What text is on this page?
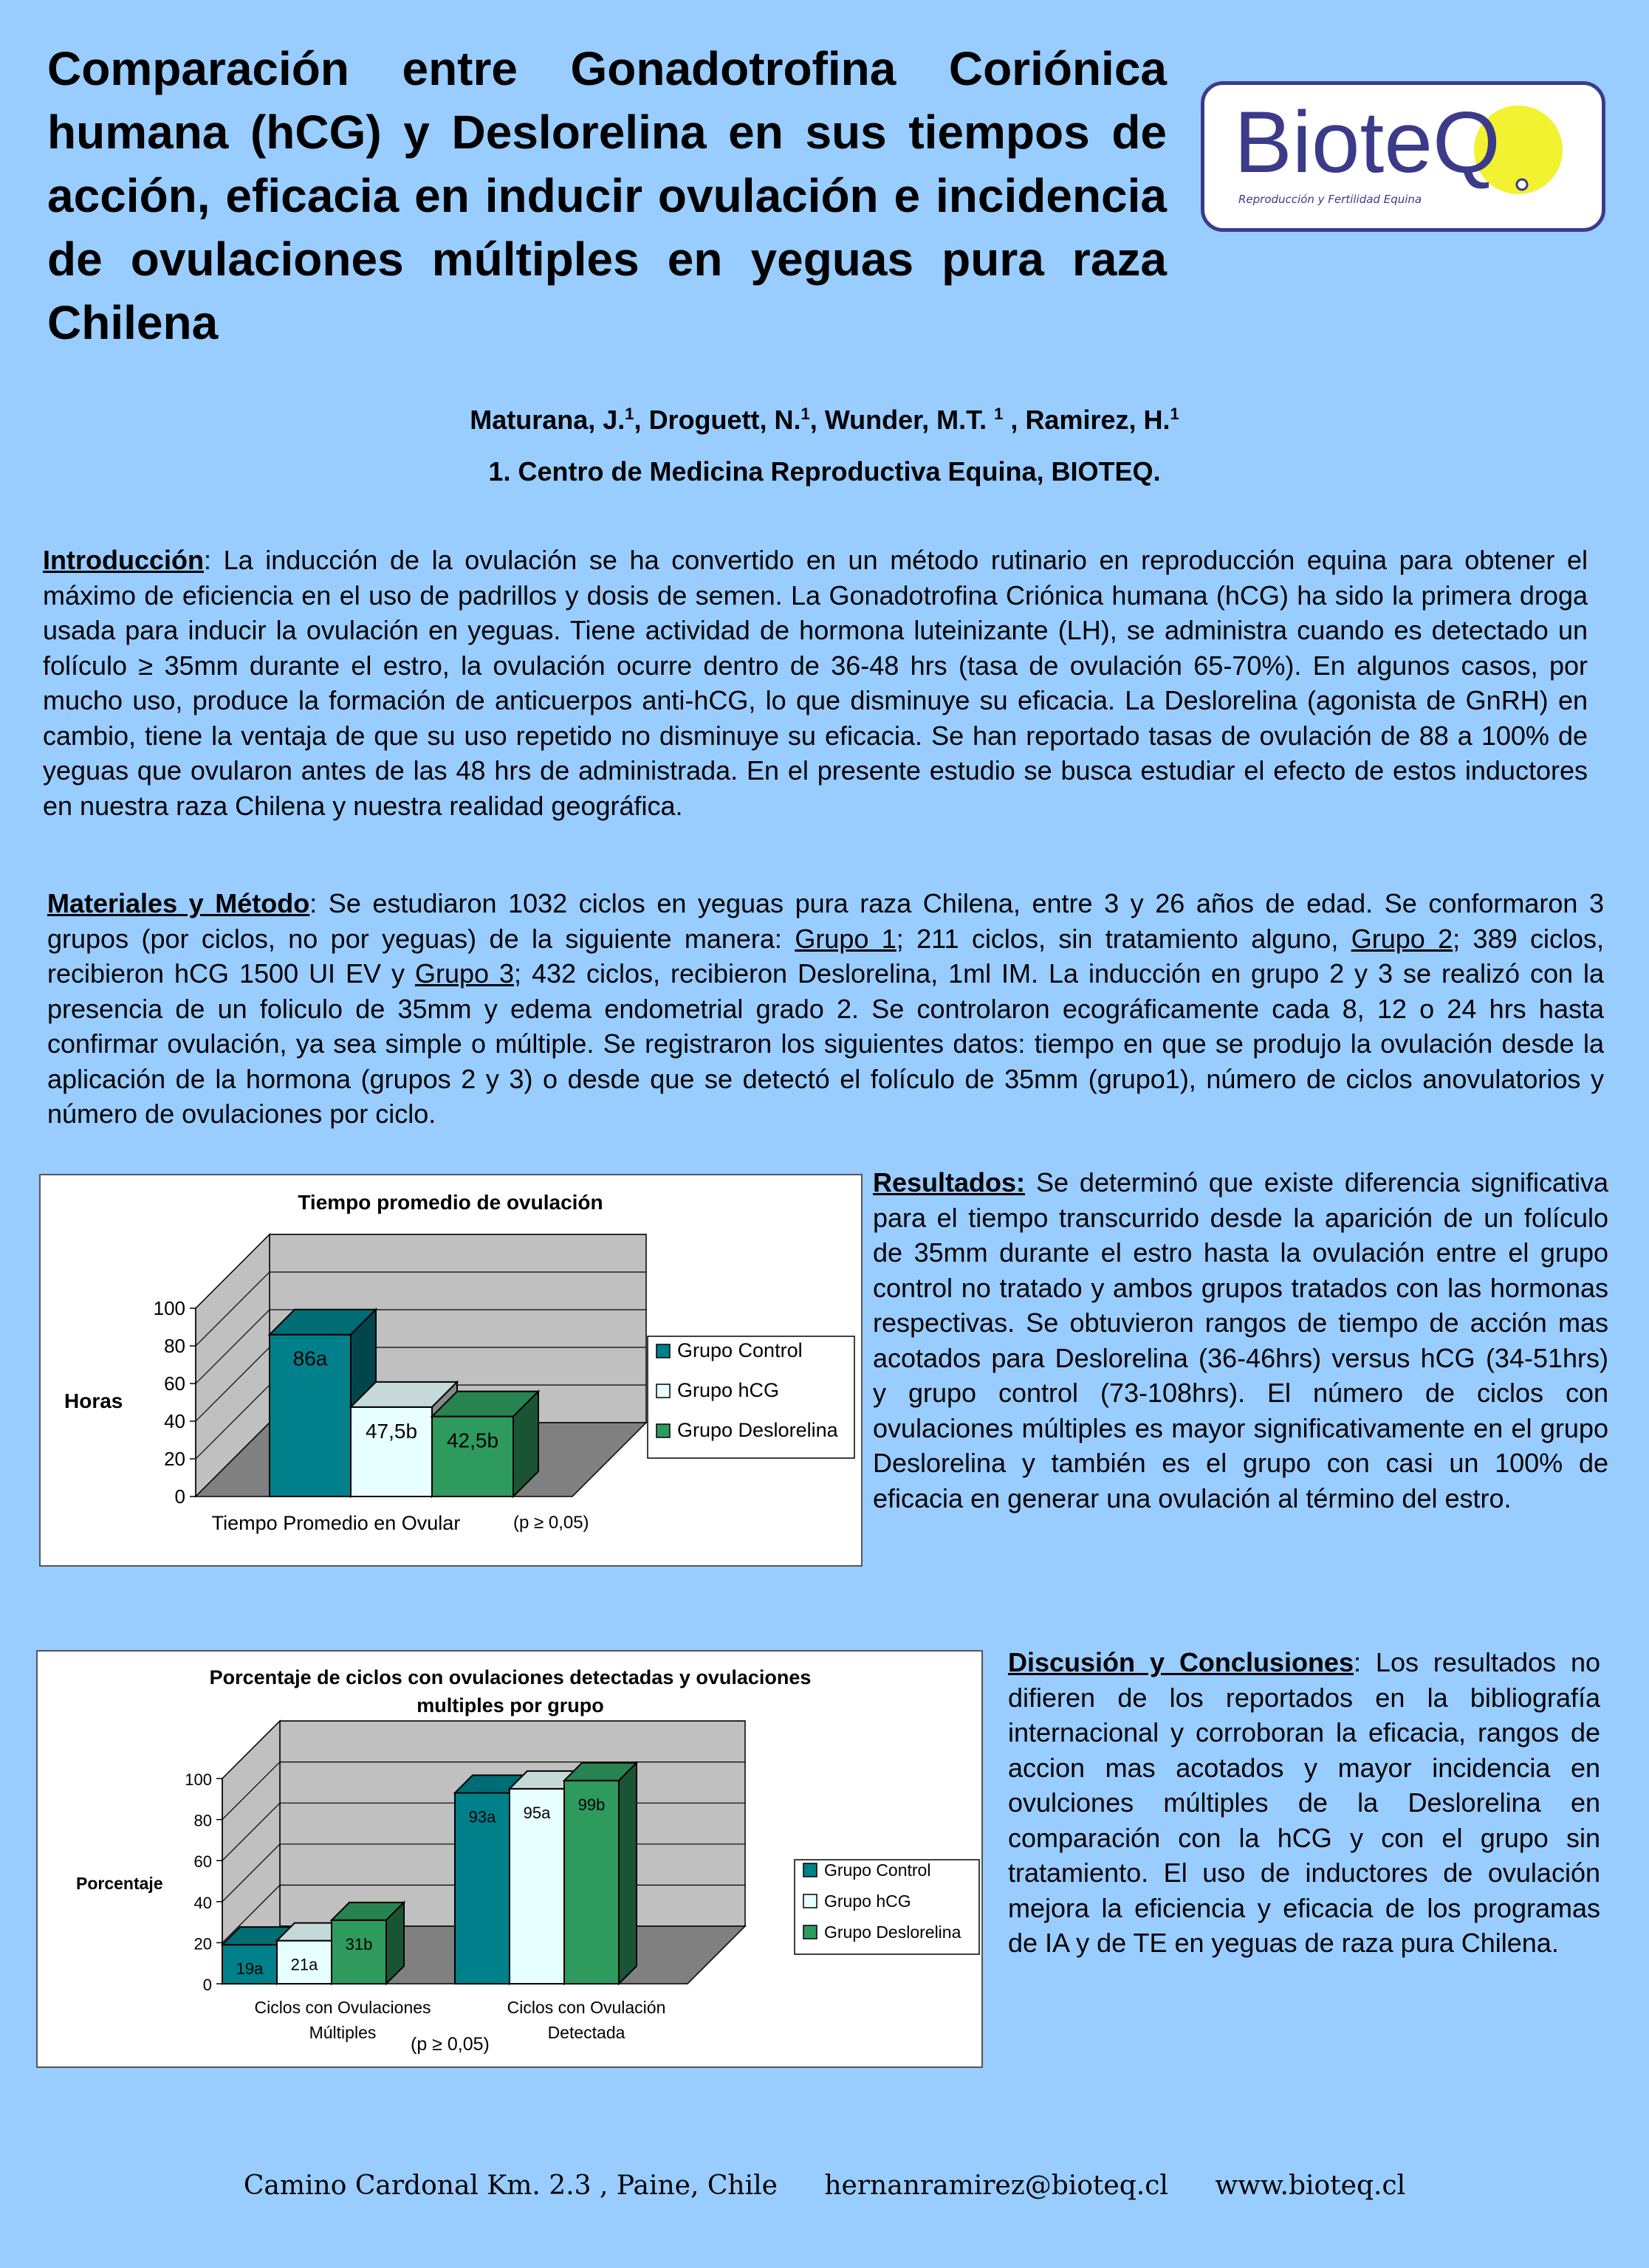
Comparación entre Gonadotrofina Coriónica humana (hCG) y Deslorelina en sus tiempos de acción, eficacia en inducir ovulación e incidencia de ovulaciones múltiples en yeguas pura raza Chilena
BioteQ
Reproducción y Fertilidad Equina
Maturana, J.$^1$, Droguett, N.$^1$, Wunder, M.T. $^1$ , Ramirez, H.$^1$
1. Centro de Medicina Reproductiva Equina, BIOTEQ.

Introducción: La inducción de la ovulación se ha convertido en un método rutinario en reproducción equina para obtener el máximo de eficiencia en el uso de padrillos y dosis de semen. La Gonadotrofina Criónica humana (hCG) ha sido la primera droga usada para inducir la ovulación en yeguas. Tiene actividad de hormona luteinizante (LH), se administra cuando es detectado un folículo ≥ 35mm durante el estro, la ovulación ocurre dentro de 36-48 hrs (tasa de ovulación 65-70%). En algunos casos, por mucho uso, produce la formación de anticuerpos anti-hCG, lo que disminuye su eficacia. La Deslorelina (agonista de GnRH) en cambio, tiene la ventaja de que su uso repetido no disminuye su eficacia. Se han reportado tasas de ovulación de 88 a 100% de yeguas que ovularon antes de las 48 hrs de administrada. En el presente estudio se busca estudiar el efecto de estos inductores en nuestra raza Chilena y nuestra realidad geográfica.

Materiales y Método: Se estudiaron 1032 ciclos en yeguas pura raza Chilena, entre 3 y 26 años de edad. Se conformaron 3 grupos (por ciclos, no por yeguas) de la siguiente manera: Grupo 1; 211 ciclos, sin tratamiento alguno, Grupo 2; 389 ciclos, recibieron hCG 1500 UI EV y Grupo 3; 432 ciclos, recibieron Deslorelina, 1ml IM. La inducción en grupo 2 y 3 se realizó con la presencia de un foliculo de 35mm y edema endometrial grado 2. Se controlaron ecográficamente cada 8, 12 o 24 hrs hasta confirmar ovulación, ya sea simple o múltiple. Se registraron los siguientes datos: tiempo en que se produjo la ovulación desde la aplicación de la hormona (grupos 2 y 3) o desde que se detectó el folículo de 35mm (grupo1), número de ciclos anovulatorios y número de ovulaciones por ciclo.

Tiempo promedio de ovulación
0
20
40
60
80
100
Horas
86a
47,5b 42,5b
Tiempo Promedio en Ovular	(p ≥ 0,05)
Grupo Control
Grupo hCG
Grupo Deslorelina

Resultados: Se determinó que existe diferencia significativa para el tiempo transcurrido desde la aparición de un folículo de 35mm durante el estro hasta la ovulación entre el grupo control no tratado y ambos grupos tratados con las hormonas respectivas. Se obtuvieron rangos de tiempo de acción mas acotados para Deslorelina (36-46hrs) versus hCG (34-51hrs) y grupo control (73-108hrs). El número de ciclos con ovulaciones múltiples es mayor significativamente en el grupo Deslorelina y también es el grupo con casi un 100% de eficacia en generar una ovulación al término del estro.

Porcentaje de ciclos con ovulaciones detectadas y ovulaciones
multiples por grupo
0
20
40
60
80
100
Porcentaje
19a 21a
31b
Ciclos con Ovulaciones
Múltiples
93a 95a 99b
Ciclos con Ovulación
Detectada
(p ≥ 0,05)
Grupo Control
Grupo hCG
Grupo Deslorelina

Discusión y Conclusiones: Los resultados no difieren de los reportados en la bibliografía internacional y corroboran la eficacia, rangos de accion mas acotados y mayor incidencia en ovulciones múltiples de la Deslorelina en comparación con la hCG y con el grupo sin tratamiento. El uso de inductores de ovulación mejora la eficiencia y eficacia de los programas de IA y de TE en yeguas de raza pura Chilena.

Camino Cardonal Km. 2.3 , Paine, Chile hernanramirez@bioteq.cl www.bioteq.cl
